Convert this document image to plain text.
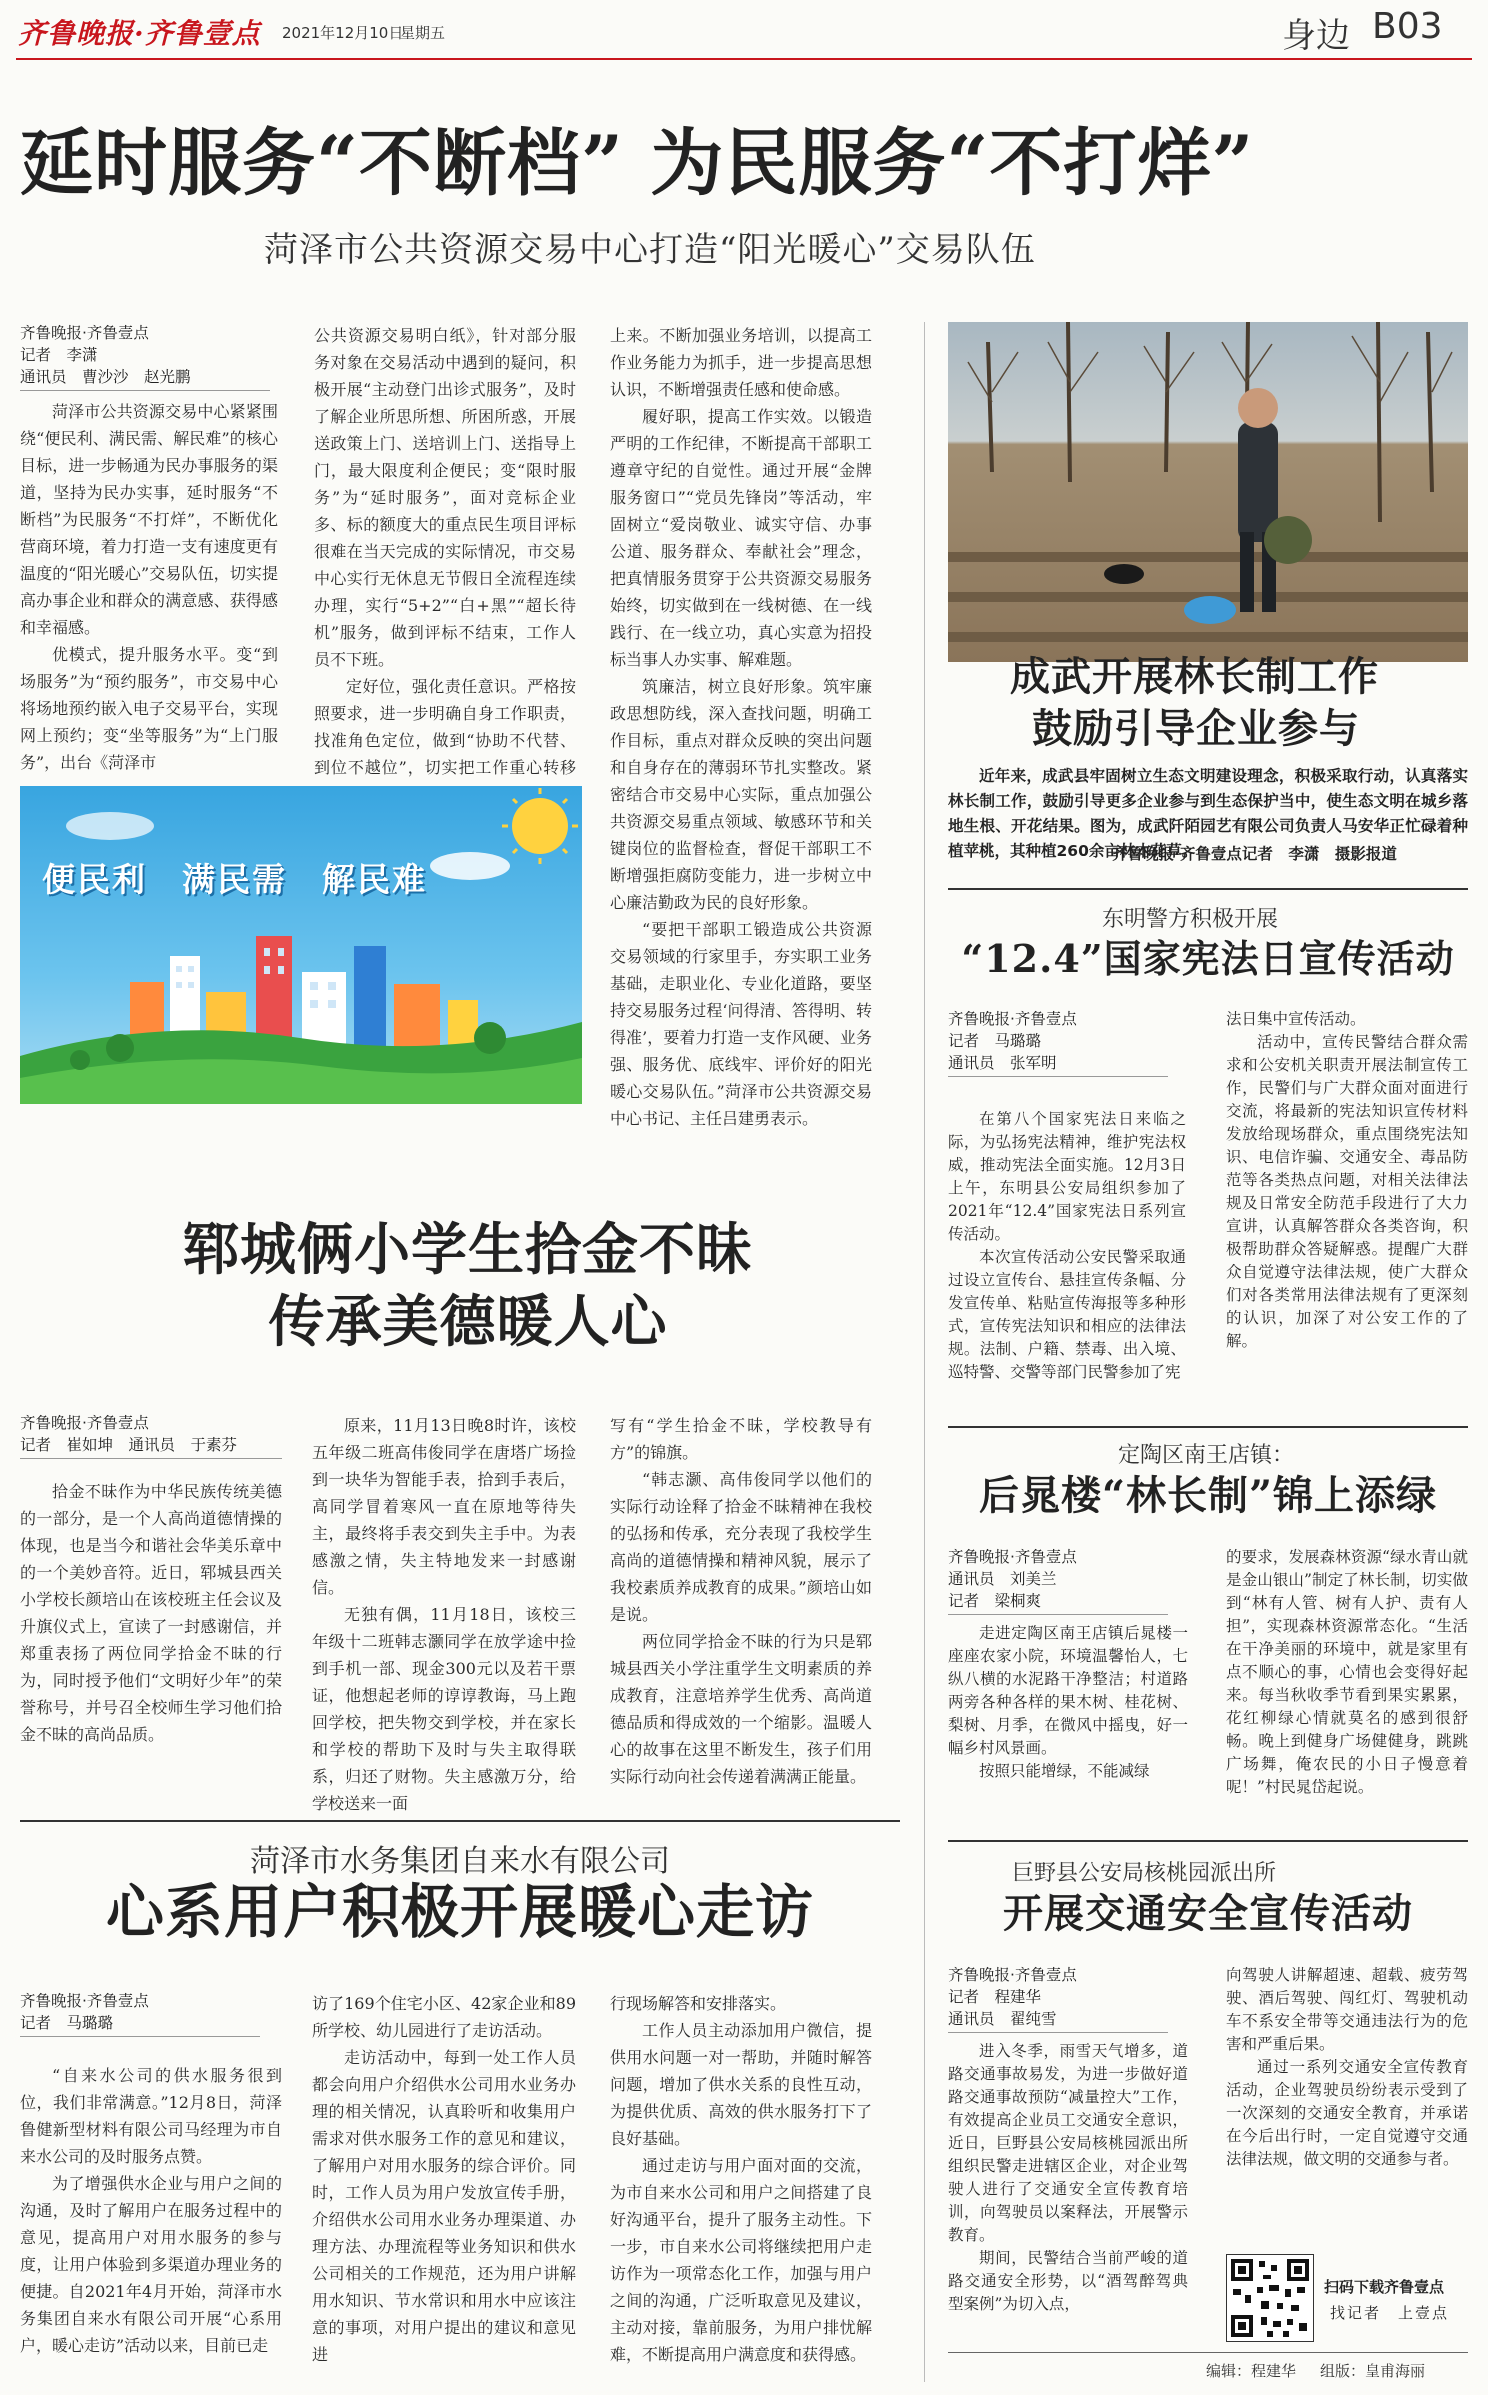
齐鲁晚报·齐鲁壹点 2021年12月10日
星期五	身边 B03
延时服务“不断档” 为民服务“不打烊”
菏泽市公共资源交易中心打造“阳光暖心”交易队伍
齐鲁晚报·齐鲁壹点
记者　李潇
通讯员　曹沙沙　赵光鹏

菏泽市公共资源交易中心紧紧围绕“便民利、满民需、解民难”的核心目标，进一步畅通为民办事服务的渠道，坚持为民办实事，延时服务“不断档”为民服务“不打烊”，不断优化营商环境，着力打造一支有速度更有温度的“阳光暖心”交易队伍，切实提高办事企业和群众的满意感、获得感和幸福感。

优模式，提升服务水平。变“到场服务”为“预约服务”，市交易中心将场地预约嵌入电子交易平台，实现网上预约；变“坐等服务”为“上门服务”，出台《菏泽市

公共资源交易明白纸》，针对部分服务对象在交易活动中遇到的疑问，积极开展“主动登门出诊式服务”，及时了解企业所思所想、所困所惑，开展送政策上门、送培训上门、送指导上门，最大限度利企便民；变“限时服务”为“延时服务”，面对竞标企业多、标的额度大的重点民生项目评标很难在当天完成的实际情况，市交易中心实行无休息无节假日全流程连续办理，实行“5+2”“白+黑”“超长待机”服务，做到评标不结束，工作人员不下班。

定好位，强化责任意识。严格按照要求，进一步明确自身工作职责，找准角色定位，做到“协助不代替、到位不越位”，切实把工作重心转移

上来。不断加强业务培训，以提高工作业务能力为抓手，进一步提高思想认识，不断增强责任感和使命感。

履好职，提高工作实效。以锻造严明的工作纪律，不断提高干部职工遵章守纪的自觉性。通过开展“金牌服务窗口”“党员先锋岗”等活动，牢固树立“爱岗敬业、诚实守信、办事公道、服务群众、奉献社会”理念，把真情服务贯穿于公共资源交易服务始终，切实做到在一线树德、在一线践行、在一线立功，真心实意为招投标当事人办实事、解难题。

筑廉洁，树立良好形象。筑牢廉政思想防线，深入查找问题，明确工作目标，重点对群众反映的突出问题和自身存在的薄弱环节扎实整改。紧密结合市交易中心实际，重点加强公共资源交易重点领域、敏感环节和关键岗位的监督检查，督促干部职工不断增强拒腐防变能力，进一步树立中心廉洁勤政为民的良好形象。

“要把干部职工锻造成公共资源交易领域的行家里手，夯实职工业务基础，走职业化、专业化道路，要坚持交易服务过程‘问得清、答得明、转得准’，要着力打造一支作风硬、业务强、服务优、底线牢、评价好的阳光暖心交易队伍。”菏泽市公共资源交易中心书记、主任吕建勇表示。

便民利　满民需　解民难
成武开展林长制工作
鼓励引导企业参与
近年来，成武县牢固树立生态文明建设理念，积极采取行动，认真落实林长制工作，鼓励引导更多企业参与到生态保护当中，使生态文明在城乡落地生根、开花结果。图为，成武阡陌园艺有限公司负责人马安华正忙碌着种植苹桃，其种植260余亩林木花草。
齐鲁晚报·齐鲁壹点记者　李潇　摄影报道
东明警方积极开展
“12.4”国家宪法日宣传活动
齐鲁晚报·齐鲁壹点
记者　马璐璐
通讯员　张军明

在第八个国家宪法日来临之际，为弘扬宪法精神，维护宪法权威，推动宪法全面实施。12月3日上午，东明县公安局组织参加了2021年“12.4”国家宪法日系列宣传活动。

本次宣传活动公安民警采取通过设立宣传台、悬挂宣传条幅、分发宣传单、粘贴宣传海报等多种形式，宣传宪法知识和相应的法律法规。法制、户籍、禁毒、出入境、巡特警、交警等部门民警参加了宪

法日集中宣传活动。

活动中，宣传民警结合群众需求和公安机关职责开展法制宣传工作，民警们与广大群众面对面进行交流，将最新的宪法知识宣传材料发放给现场群众，重点围绕宪法知识、电信诈骗、交通安全、毒品防范等各类热点问题，对相关法律法规及日常安全防范手段进行了大力宣讲，认真解答群众各类咨询，积极帮助群众答疑解惑。提醒广大群众自觉遵守法律法规，使广大群众们对各类常用法律法规有了更深刻的认识，加深了对公安工作的了解。

定陶区南王店镇：
后晁楼“林长制”锦上添绿
齐鲁晚报·齐鲁壹点
通讯员　刘美兰
记者　梁桐爽

走进定陶区南王店镇后晁楼一座座农家小院，环境温馨怡人，七纵八横的水泥路干净整洁；村道路两旁各种各样的果木树、桂花树、梨树、月季，在微风中摇曳，好一幅乡村风景画。

按照只能增绿，不能减绿

的要求，发展森林资源“绿水青山就是金山银山”制定了林长制，切实做到“林有人管、树有人护、责有人担”，实现森林资源常态化。“生活在干净美丽的环境中，就是家里有点不顺心的事，心情也会变得好起来。每当秋收季节看到果实累累，花红柳绿心情就莫名的感到很舒畅。晚上到健身广场健健身，跳跳广场舞，俺农民的小日子慢意着呢！”村民晁岱起说。

巨野县公安局核桃园派出所
开展交通安全宣传活动
齐鲁晚报·齐鲁壹点
记者　程建华
通讯员　翟纯雪

进入冬季，雨雪天气增多，道路交通事故易发，为进一步做好道路交通事故预防“减量控大”工作，有效提高企业员工交通安全意识，近日，巨野县公安局核桃园派出所组织民警走进辖区企业，对企业驾驶人进行了交通安全宣传教育培训，向驾驶员以案释法，开展警示教育。

期间，民警结合当前严峻的道路交通安全形势，以“酒驾醉驾典型案例”为切入点，

向驾驶人讲解超速、超载、疲劳驾驶、酒后驾驶、闯红灯、驾驶机动车不系安全带等交通违法行为的危害和严重后果。

通过一系列交通安全宣传教育活动，企业驾驶员纷纷表示受到了一次深刻的交通安全教育，并承诺在今后出行时，一定自觉遵守交通法律法规，做文明的交通参与者。

扫码下载齐鲁壹点
找记者　上壹点
编辑：程建华 组版：皇甫海丽
郓城俩小学生拾金不昧
传承美德暖人心
齐鲁晚报·齐鲁壹点
记者　崔如坤　通讯员　于素芬

拾金不昧作为中华民族传统美德的一部分，是一个人高尚道德情操的体现，也是当今和谐社会华美乐章中的一个美妙音符。近日，郓城县西关小学校长颜培山在该校班主任会议及升旗仪式上，宣读了一封感谢信，并郑重表扬了两位同学拾金不昧的行为，同时授予他们“文明好少年”的荣誉称号，并号召全校师生学习他们拾金不昧的高尚品质。

原来，11月13日晚8时许，该校五年级二班高伟俊同学在唐塔广场捡到一块华为智能手表，拾到手表后，高同学冒着寒风一直在原地等待失主，最终将手表交到失主手中。为表感激之情，失主特地发来一封感谢信。

无独有偶，11月18日，该校三年级十二班韩志灏同学在放学途中捡到手机一部、现金300元以及若干票证，他想起老师的谆谆教诲，马上跑回学校，把失物交到学校，并在家长和学校的帮助下及时与失主取得联系，归还了财物。失主感激万分，给学校送来一面

写有“学生拾金不昧，学校教导有方”的锦旗。

“韩志灏、高伟俊同学以他们的实际行动诠释了拾金不昧精神在我校的弘扬和传承，充分表现了我校学生高尚的道德情操和精神风貌，展示了我校素质养成教育的成果。”颜培山如是说。

两位同学拾金不昧的行为只是郓城县西关小学注重学生文明素质的养成教育，注意培养学生优秀、高尚道德品质和得成效的一个缩影。温暖人心的故事在这里不断发生，孩子们用实际行动向社会传递着满满正能量。

菏泽市水务集团自来水有限公司
心系用户积极开展暖心走访
齐鲁晚报·齐鲁壹点
记者　马璐璐

“自来水公司的供水服务很到位，我们非常满意。”12月8日，菏泽鲁健新型材料有限公司马经理为市自来水公司的及时服务点赞。

为了增强供水企业与用户之间的沟通，及时了解用户在服务过程中的意见，提高用户对用水服务的参与度，让用户体验到多渠道办理业务的便捷。自2021年4月开始，菏泽市水务集团自来水有限公司开展“心系用户，暖心走访”活动以来，目前已走

访了169个住宅小区、42家企业和89所学校、幼儿园进行了走访活动。

走访活动中，每到一处工作人员都会向用户介绍供水公司用水业务办理的相关情况，认真聆听和收集用户需求对供水服务工作的意见和建议，了解用户对用水服务的综合评价。同时，工作人员为用户发放宣传手册，介绍供水公司用水业务办理渠道、办理方法、办理流程等业务知识和供水公司相关的工作规范，还为用户讲解用水知识、节水常识和用水中应该注意的事项，对用户提出的建议和意见进

行现场解答和安排落实。

工作人员主动添加用户微信，提供用水问题一对一帮助，并随时解答问题，增加了供水关系的良性互动，为提供优质、高效的供水服务打下了良好基础。

通过走访与用户面对面的交流，为市自来水公司和用户之间搭建了良好沟通平台，提升了服务主动性。下一步，市自来水公司将继续把用户走访作为一项常态化工作，加强与用户之间的沟通，广泛听取意见及建议，主动对接，靠前服务，为用户排忧解难，不断提高用户满意度和获得感。
